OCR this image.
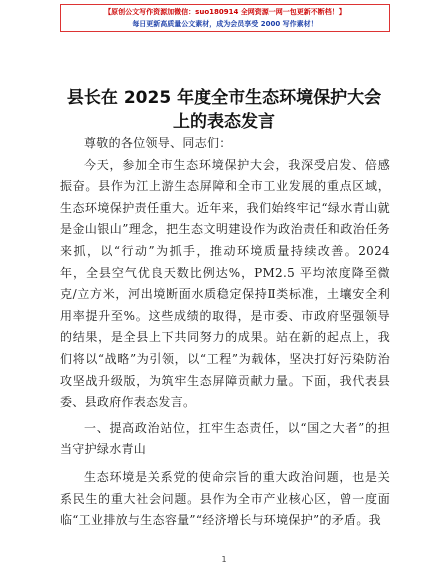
【原创公文写作资源加微信：suo180914 全网资源一网一包更新不断档！】
每日更新高质量公文素材，成为会员享受 2000 写作素材！
县长在 2025 年度全市生态环境保护大会上的表态发言

尊敬的各位领导、同志们：

今天，参加全市生态环境保护大会，我深受启发、倍感振奋。县作为江上游生态屏障和全市工业发展的重点区域，生态环境保护责任重大。近年来，我们始终牢记“绿水青山就是金山银山”理念，把生态文明建设作为政治责任和政治任务来抓，以“行动”为抓手，推动环境质量持续改善。2024 年，全县空气优良天数比例达%，PM2.5 平均浓度降至微克/立方米，河出境断面水质稳定保持Ⅱ类标准，土壤安全利用率提升至%。这些成绩的取得，是市委、市政府坚强领导的结果，是全县上下共同努力的成果。站在新的起点上，我们将以“战略”为引领，以“工程”为载体，坚决打好污染防治攻坚战升级版，为筑牢生态屏障贡献力量。下面，我代表县委、县政府作表态发言。

一、提高政治站位，扛牢生态责任，以“国之大者”的担当守护绿水青山

生态环境是关系党的使命宗旨的重大政治问题，也是关系民生的重大社会问题。县作为全市产业核心区，曾一度面临“工业排放与生态容量”“经济增长与环境保护”的矛盾。我

1
